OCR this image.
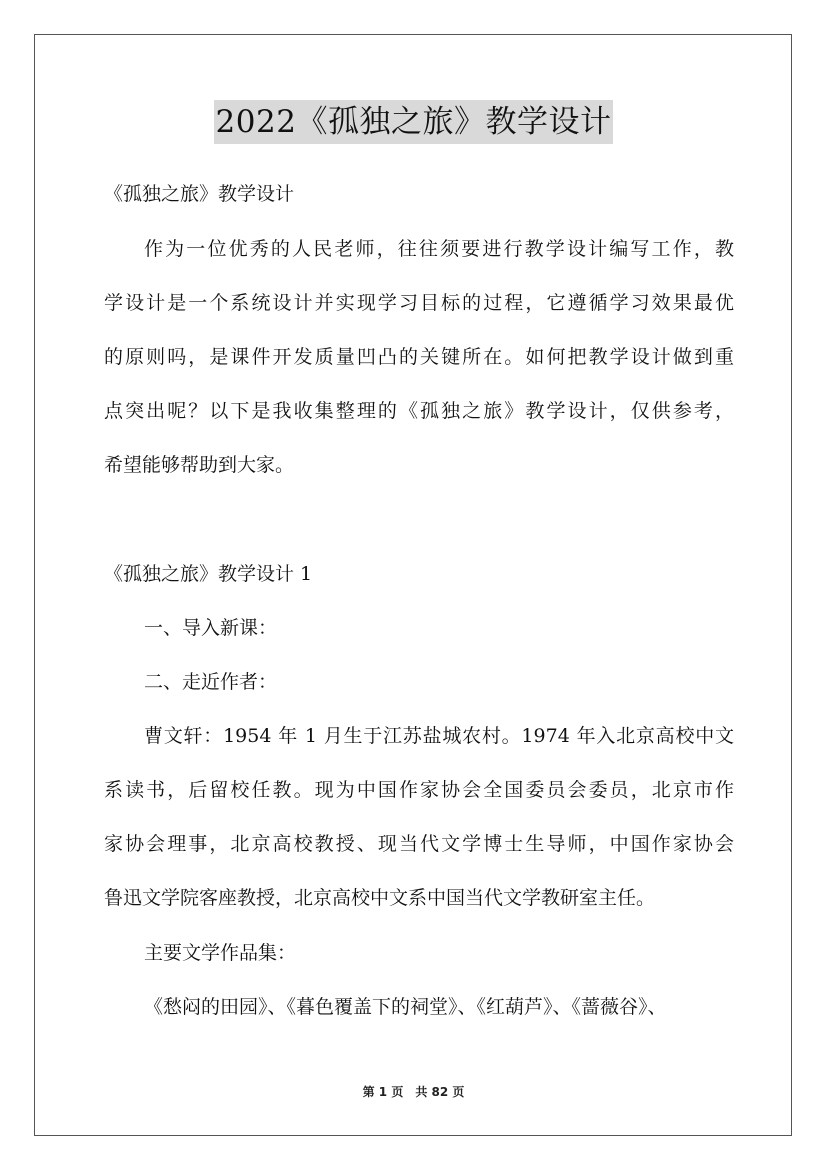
2022《孤独之旅》教学设计

《孤独之旅》教学设计

作为一位优秀的人民老师，往往须要进行教学设计编写工作，教

学设计是一个系统设计并实现学习目标的过程，它遵循学习效果最优

的原则吗，是课件开发质量凹凸的关键所在。如何把教学设计做到重

点突出呢？以下是我收集整理的《孤独之旅》教学设计，仅供参考，

希望能够帮助到大家。

《孤独之旅》教学设计 1

一、导入新课：

二、走近作者：

曹文轩：1954 年 1 月生于江苏盐城农村。1974 年入北京高校中文

系读书，后留校任教。现为中国作家协会全国委员会委员，北京市作

家协会理事，北京高校教授、现当代文学博士生导师，中国作家协会

鲁迅文学院客座教授，北京高校中文系中国当代文学教研室主任。

主要文学作品集：

《愁闷的田园》、《暮色覆盖下的祠堂》、《红葫芦》、《蔷薇谷》、

第 1 页 共 82 页
